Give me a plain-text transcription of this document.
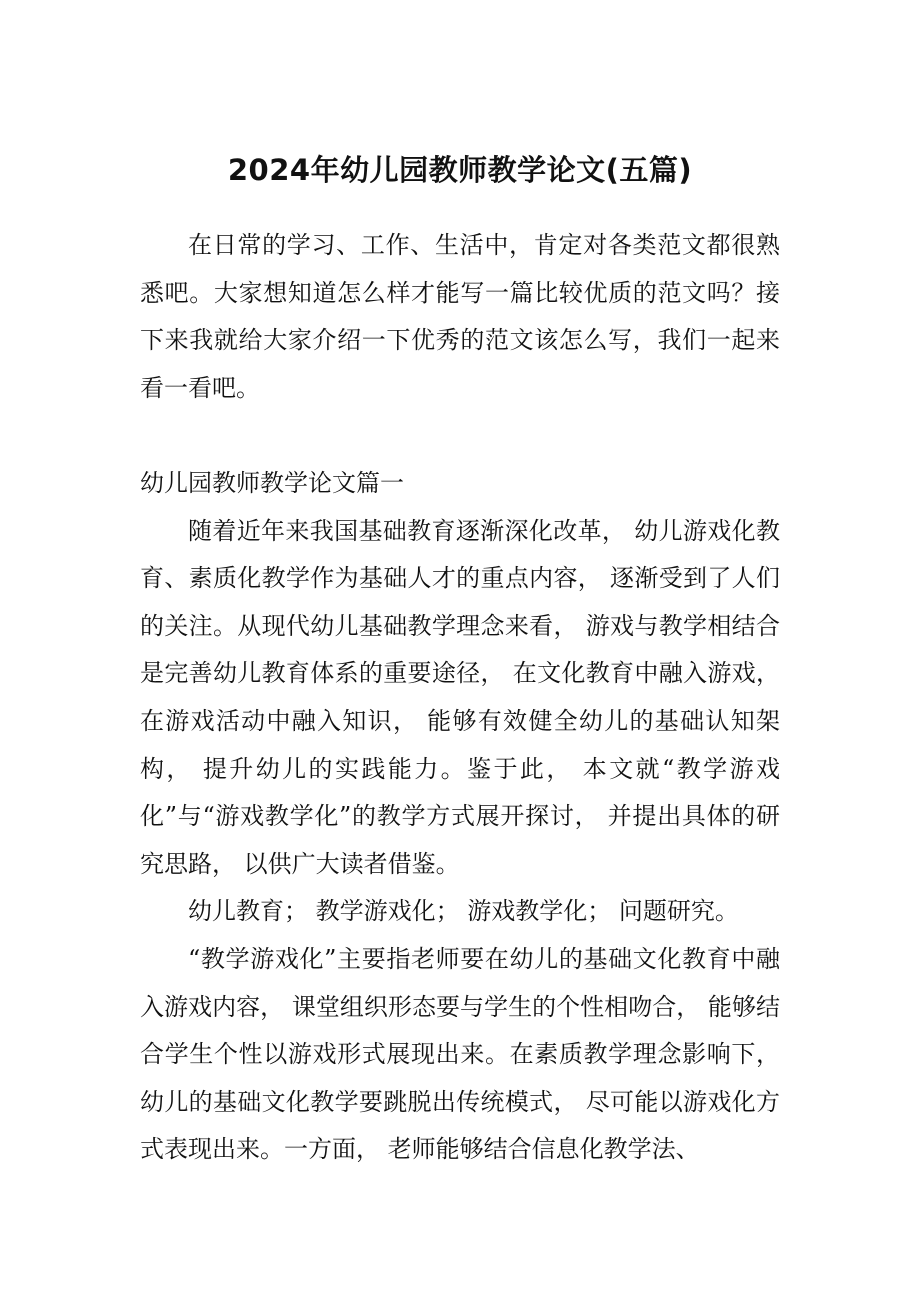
2024年幼儿园教师教学论文(五篇)

在日常的学习、工作、生活中，肯定对各类范文都很熟悉吧。大家想知道怎么样才能写一篇比较优质的范文吗？接下来我就给大家介绍一下优秀的范文该怎么写，我们一起来看一看吧。

幼儿园教师教学论文篇一

随着近年来我国基础教育逐渐深化改革， 幼儿游戏化教育、素质化教学作为基础人才的重点内容， 逐渐受到了人们的关注。从现代幼儿基础教学理念来看， 游戏与教学相结合是完善幼儿教育体系的重要途径， 在文化教育中融入游戏， 在游戏活动中融入知识， 能够有效健全幼儿的基础认知架构， 提升幼儿的实践能力。鉴于此， 本文就“教学游戏化”与“游戏教学化”的教学方式展开探讨， 并提出具体的研究思路， 以供广大读者借鉴。

幼儿教育； 教学游戏化； 游戏教学化； 问题研究。

“教学游戏化”主要指老师要在幼儿的基础文化教育中融入游戏内容， 课堂组织形态要与学生的个性相吻合， 能够结合学生个性以游戏形式展现出来。在素质教学理念影响下， 幼儿的基础文化教学要跳脱出传统模式， 尽可能以游戏化方式表现出来。一方面， 老师能够结合信息化教学法、
